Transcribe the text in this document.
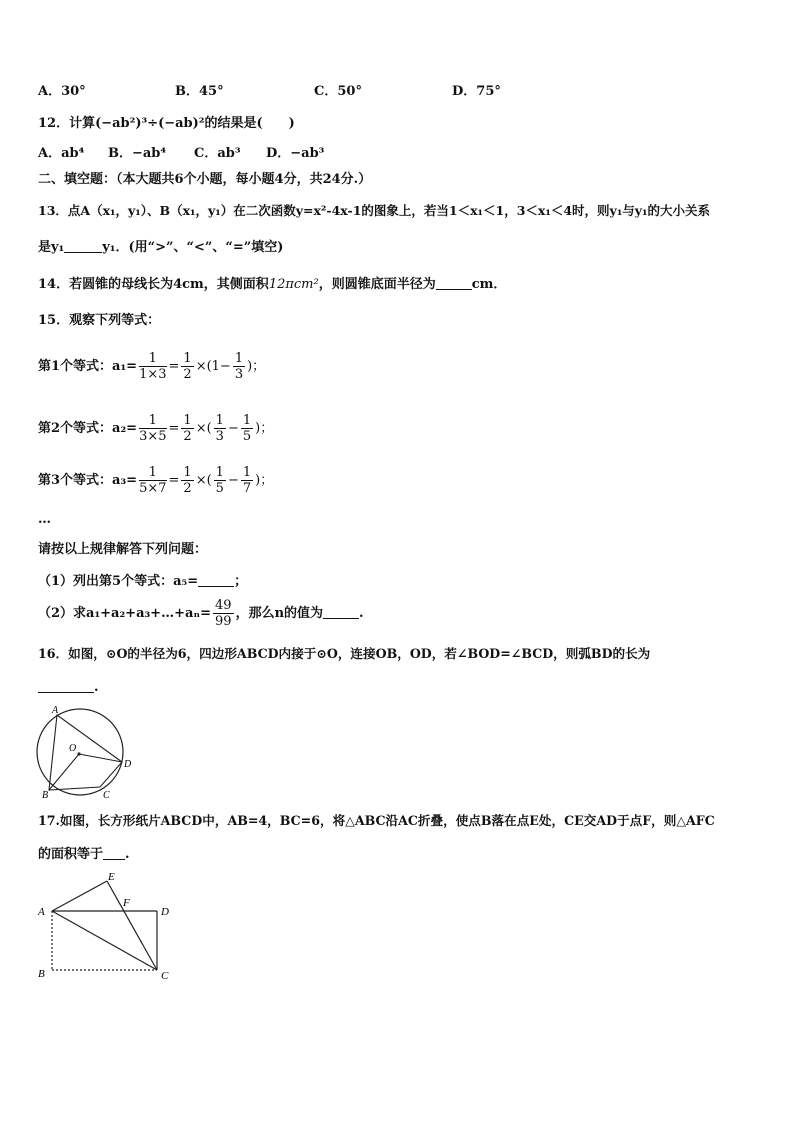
A．30°	B．45°	C．50°	D．75°
12．计算(−ab²)³÷(−ab)²的结果是(　　)
A．ab⁴ B．−ab⁴ C．ab³ D．−ab³
二、填空题：（本大题共6个小题，每小题4分，共24分.）
13．点A（x₁，y₁）、B（x₁，y₁）在二次函数y=x²-4x-1的图象上，若当1＜x₁＜1，3＜x₁＜4时，则y₁与y₁的大小关系
是y₁	y₁．(用“>”、“<”、“=”填空)
14．若圆锥的母线长为4cm，其侧面积12πcm²，则圆锥底面半径为	cm．
15．观察下列等式：
第1个等式：$a_1= \frac{1}{1\times 3} = \frac{1}{2} \times(1- \frac{1}{3}$ )；
第2个等式：$a_2= \frac{1}{3\times 5} = \frac{1}{2}$ ×( $\frac{1}{3} - \frac{1}{5}$ )；
第3个等式：$a_3= \frac{1}{5\times 7} = \frac{1}{2}$ ×( $\frac{1}{5} - \frac{1}{7}$ )；
…
请按以上规律解答下列问题：
（1）列出第5个等式：a₅=	；
（2）求a₁+a₂+a₃+…+aₙ= $\frac{49}{99}$ ，那么n的值为	.
16．如图，⊙O的半径为6，四边形ABCD内接于⊙O，连接OB，OD，若∠BOD=∠BCD，则弧BD的长为
.
A
O
D
C
B
17.如图，长方形纸片ABCD中，AB=4，BC=6，将△ABC沿AC折叠，使点B落在点E处，CE交AD于点F，则△AFC
的面积等于 .
E
F
A	D
B	C
